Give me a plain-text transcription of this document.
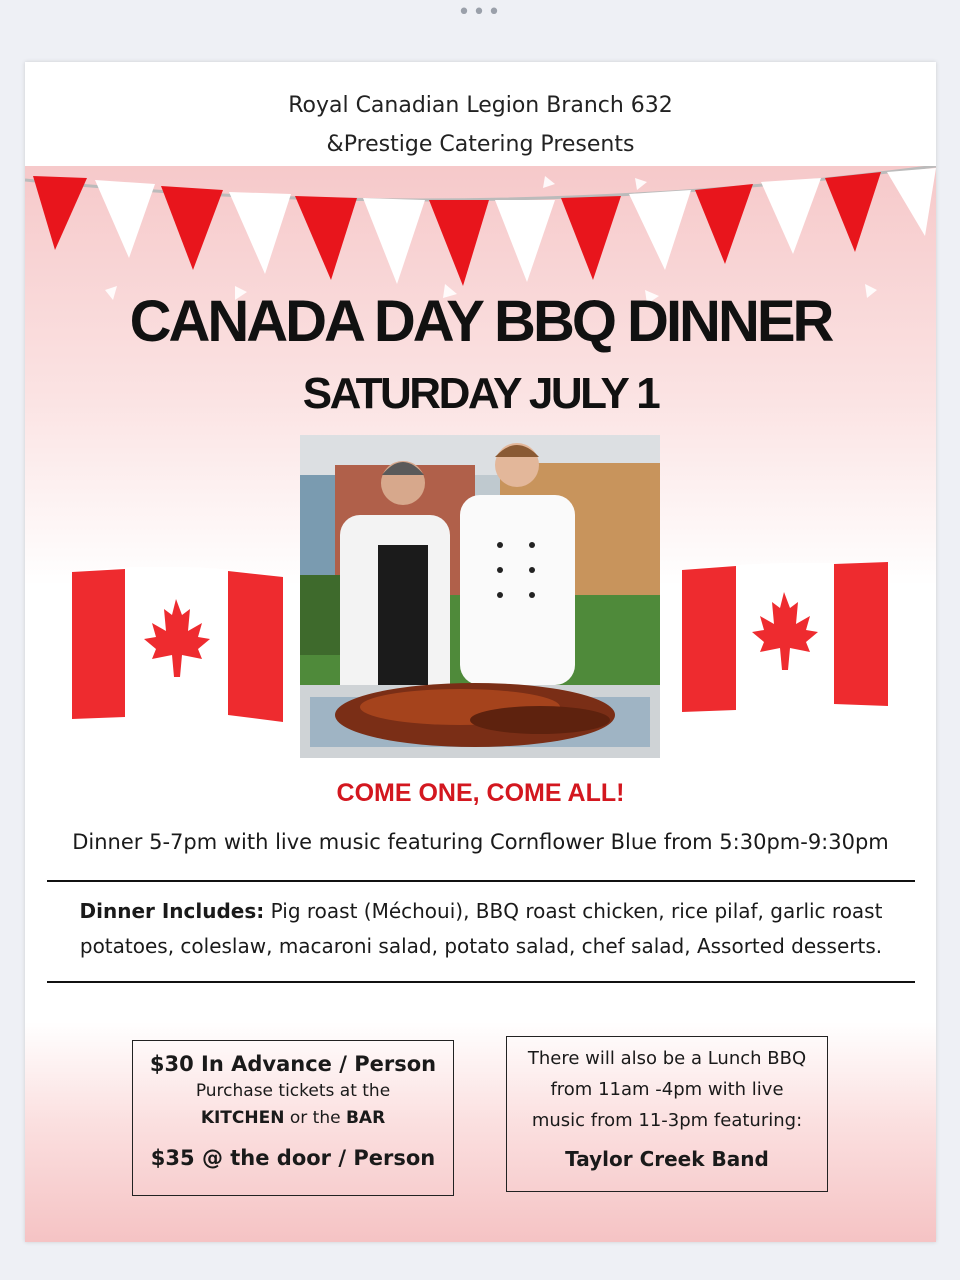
•••
Royal Canadian Legion Branch 632
&Prestige Catering Presents
CANADA DAY BBQ DINNER
SATURDAY JULY 1
COME ONE, COME ALL!
Dinner 5-7pm with live music featuring Cornflower Blue from 5:30pm-9:30pm
Dinner Includes: Pig roast (Méchoui), BBQ roast chicken, rice pilaf, garlic roast potatoes, coleslaw, macaroni salad, potato salad, chef salad, Assorted desserts.
$30 In Advance / Person
Purchase tickets at the
KITCHEN or the BAR
$35 @ the door / Person
There will also be a Lunch BBQ
from 11am -4pm with live
music from 11-3pm featuring:
Taylor Creek Band
